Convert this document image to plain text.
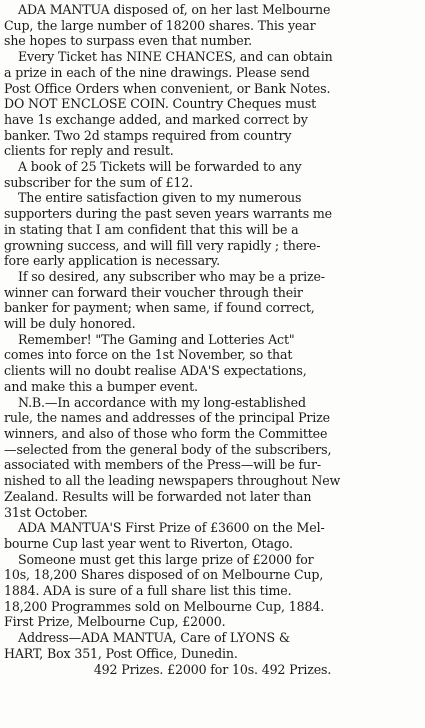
ADA MANTUA disposed of, on her last Melbourne
Cup, the large number of 18200 shares. This year
she hopes to surpass even that number.

Every Ticket has NINE CHANCES, and can obtain
a prize in each of the nine drawings. Please send
Post Office Orders when convenient, or Bank Notes.
DO NOT ENCLOSE COIN. Country Cheques must
have 1s exchange added, and marked correct by
banker. Two 2d stamps required from country
clients for reply and result.

A book of 25 Tickets will be forwarded to any
subscriber for the sum of £12.

The entire satisfaction given to my numerous
supporters during the past seven years warrants me
in stating that I am confident that this will be a
growning success, and will fill very rapidly ; there-
fore early application is necessary.

If so desired, any subscriber who may be a prize-
winner can forward their voucher through their
banker for payment; when same, if found correct,
will be duly honored.

Remember! "The Gaming and Lotteries Act"
comes into force on the 1st November, so that
clients will no doubt realise ADA'S expectations,
and make this a bumper event.

N.B.—In accordance with my long-established
rule, the names and addresses of the principal Prize
winners, and also of those who form the Committee
—selected from the general body of the subscribers,
associated with members of the Press—will be fur-
nished to all the leading newspapers throughout New
Zealand. Results will be forwarded not later than
31st October.

ADA MANTUA'S First Prize of £3600 on the Mel-
bourne Cup last year went to Riverton, Otago.

Someone must get this large prize of £2000 for
10s, 18,200 Shares disposed of on Melbourne Cup,
1884. ADA is sure of a full share list this time.
18,200 Programmes sold on Melbourne Cup, 1884.
First Prize, Melbourne Cup, £2000.

Address—ADA MANTUA, Care of LYONS &
HART, Box 351, Post Office, Dunedin.

492 Prizes. £2000 for 10s. 492 Prizes.
